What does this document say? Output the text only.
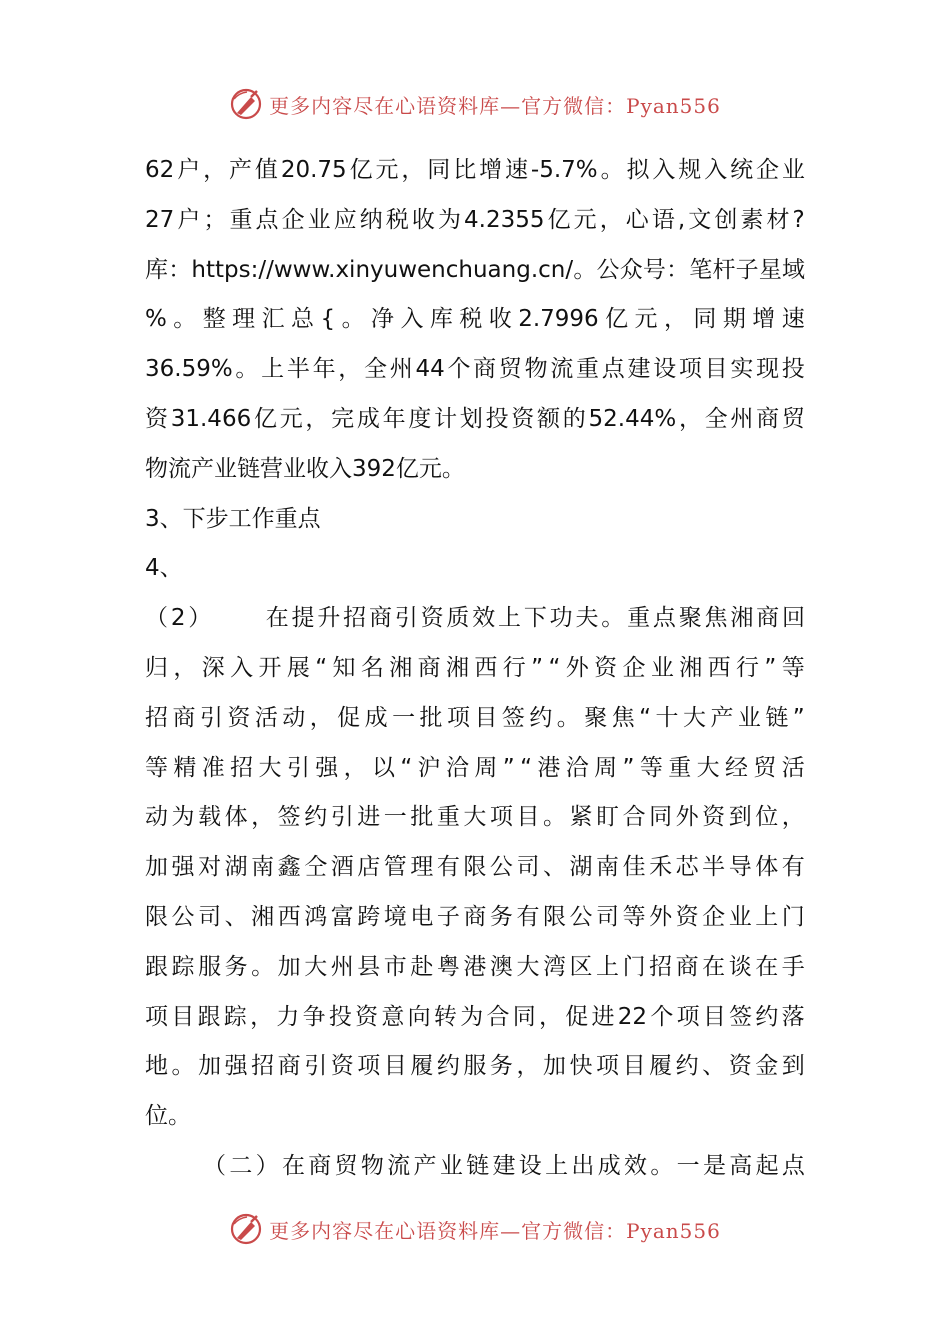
更多内容尽在心语资料库—官方微信：Pyan556
62 户 ， 产 值 20.75 亿 元 ， 同 比 增 速 -5.7% 。 拟 入 规 入 统 企 业
27 户 ； 重 点 企 业 应 纳 税 收 为 4.2355 亿 元 ， 心 语 , 文 创 素 材 ?
库 ： https://www.xinyuwenchuang.cn/ 。 公 众 号 ： 笔 杆 子 星 域
% 。 整 理 汇 总 { 。 净 入 库 税 收 2.7996 亿 元 ， 同 期 增 速
36.59% 。 上 半 年 ， 全 州 44 个 商 贸 物 流 重 点 建 设 项 目 实 现 投
资 31.466 亿 元 ， 完 成 年 度 计 划 投 资 额 的 52.44% ， 全 州 商 贸
物流产业链营业收入392亿元。
3、下步工作重点
4、
（ 2 ）

　 在 提 升 招 商 引 资 质 效 上 下 功 夫 。 重 点 聚 焦 湘 商 回
归 ， 深 入 开 展 “ 知 名 湘 商 湘 西 行 ” “ 外 资 企 业 湘 西 行 ” 等
招 商 引 资 活 动 ， 促 成 一 批 项 目 签 约 。 聚 焦 “ 十 大 产 业 链 ”
等 精 准 招 大 引 强 ， 以 “ 沪 洽 周 ” “ 港 洽 周 ” 等 重 大 经 贸 活
动 为 载 体 ， 签 约 引 进 一 批 重 大 项 目 。 紧 盯 合 同 外 资 到 位 ，
加 强 对 湖 南 鑫 仝 酒 店 管 理 有 限 公 司 、 湖 南 佳 禾 芯 半 导 体 有
限 公 司 、 湘 西 鸿 富 跨 境 电 子 商 务 有 限 公 司 等 外 资 企 业 上 门
跟 踪 服 务 。 加 大 州 县 市 赴 粤 港 澳 大 湾 区 上 门 招 商 在 谈 在 手
项 目 跟 踪 ， 力 争 投 资 意 向 转 为 合 同 ， 促 进 22 个 项 目 签 约 落
地 。 加 强 招 商 引 资 项 目 履 约 服 务 ， 加 快 项 目 履 约 、 资 金 到
位。
（ 二 ） 在 商 贸 物 流 产 业 链 建 设 上 出 成 效 。 一 是 高 起 点
更多内容尽在心语资料库—官方微信：Pyan556
